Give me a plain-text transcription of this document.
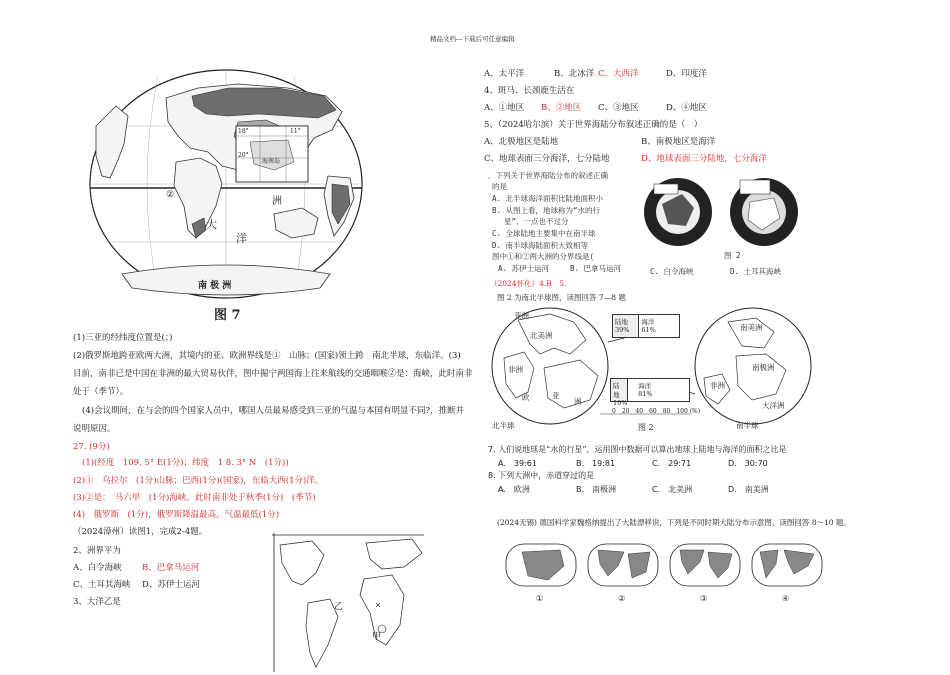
精品文档---下载后可任意编辑
南 极 洲
②
大
洋
洲
18°
20°
11°
海南岛
图 7
(1)三亚的经纬度位置是(；)
(2)俄罗斯地跨亚欧两大洲，其境内的亚、欧洲界线是①　山脉；(国家)领土跨　南北半球，东临洋。(3)
目前，南非已是中国在非洲的最大贸易伙伴，图中掘宁两国海上往来航线的交通咽喉②是：海峡，此时南非
处于（季节）。
(4)会议期间，在与会的四个国家人员中，哪国人员最易感受到三亚的气温与本国有明显不同?，推断并
说明原因。
27. (9分)
(1)(经度　109. 5° E(1分)；纬度　1 8. 3° N　(1分))
(2)①　乌拉尔　(1分)山脉；巴西(1分)(国家)，东临大西(1分)洋。
(3)②是：　马六甲　(1分)海峡。此时南非处于秋季(1分)　(季节)
(4)　俄罗斯　(1分)，俄罗斯降温最高，气温最低(1分)
（2024漳州）读图1，完成2-4题。
2、洲界平为
A、白令海峡 B、巴拿马运河
C、土耳其海峡 D、苏伊士运河
3、大洋乙是	乙
甲
A、太平洋	B、北冰洋 C、大西洋	D、印度洋
4、斑马、长颈鹿生活在
A、①地区 B、②地区 C、③地区	D、④地区
5、（2024哈尔滨）关于世界海陆分布叙述正确的是（　）
A、北极地区是陆地	B、南极地区是海洋
C、地球表面三分海洋，七分陆地	D、地球表面三分陆地，七分海洋
．下列关于世界海陆分布的叙述正确
的是
A. 北半球海洋面积比陆地面积小
B. 从图上看，地球称为“水的行
星”、一点也不过分
C. 全球陆地主要集中在南半球
D. 南半球海陆面积大致相等
图中①和②两大洲的分界线是(
A. 苏伊士运河	B. 巴拿马运河	C. 白令海峡	D. 土耳其海峡
图 2
（2024怀化）4.B　5.
图 2 为南北半球图，读图回答 7—8 题
亚洲
北美洲
非洲
欧	亚
洲
南美洲
南极洲
非洲
大洋洲
北半球	南半球
陆地
39%
海洋
61%
陆地
19%
海洋
81%
0　20　40　60　80　100 (%)
图 2
7. 人们说地球是“水的行星”，运用图中数据可以算出地球上陆地与海洋的面积之比是
A.　39:61	B.　19:81	C.　29:71	D.　30:70
8. 下列大洲中，赤道穿过的是
A.　欧洲	B.　南极洲	C.　北美洲	D.　南美洲
(2024无锡) 德国科学家魏格纳提出了大陆漂移说，下列是不同时期大陆分布示意图，读图回答 8～10 题。
①	②	③	④
